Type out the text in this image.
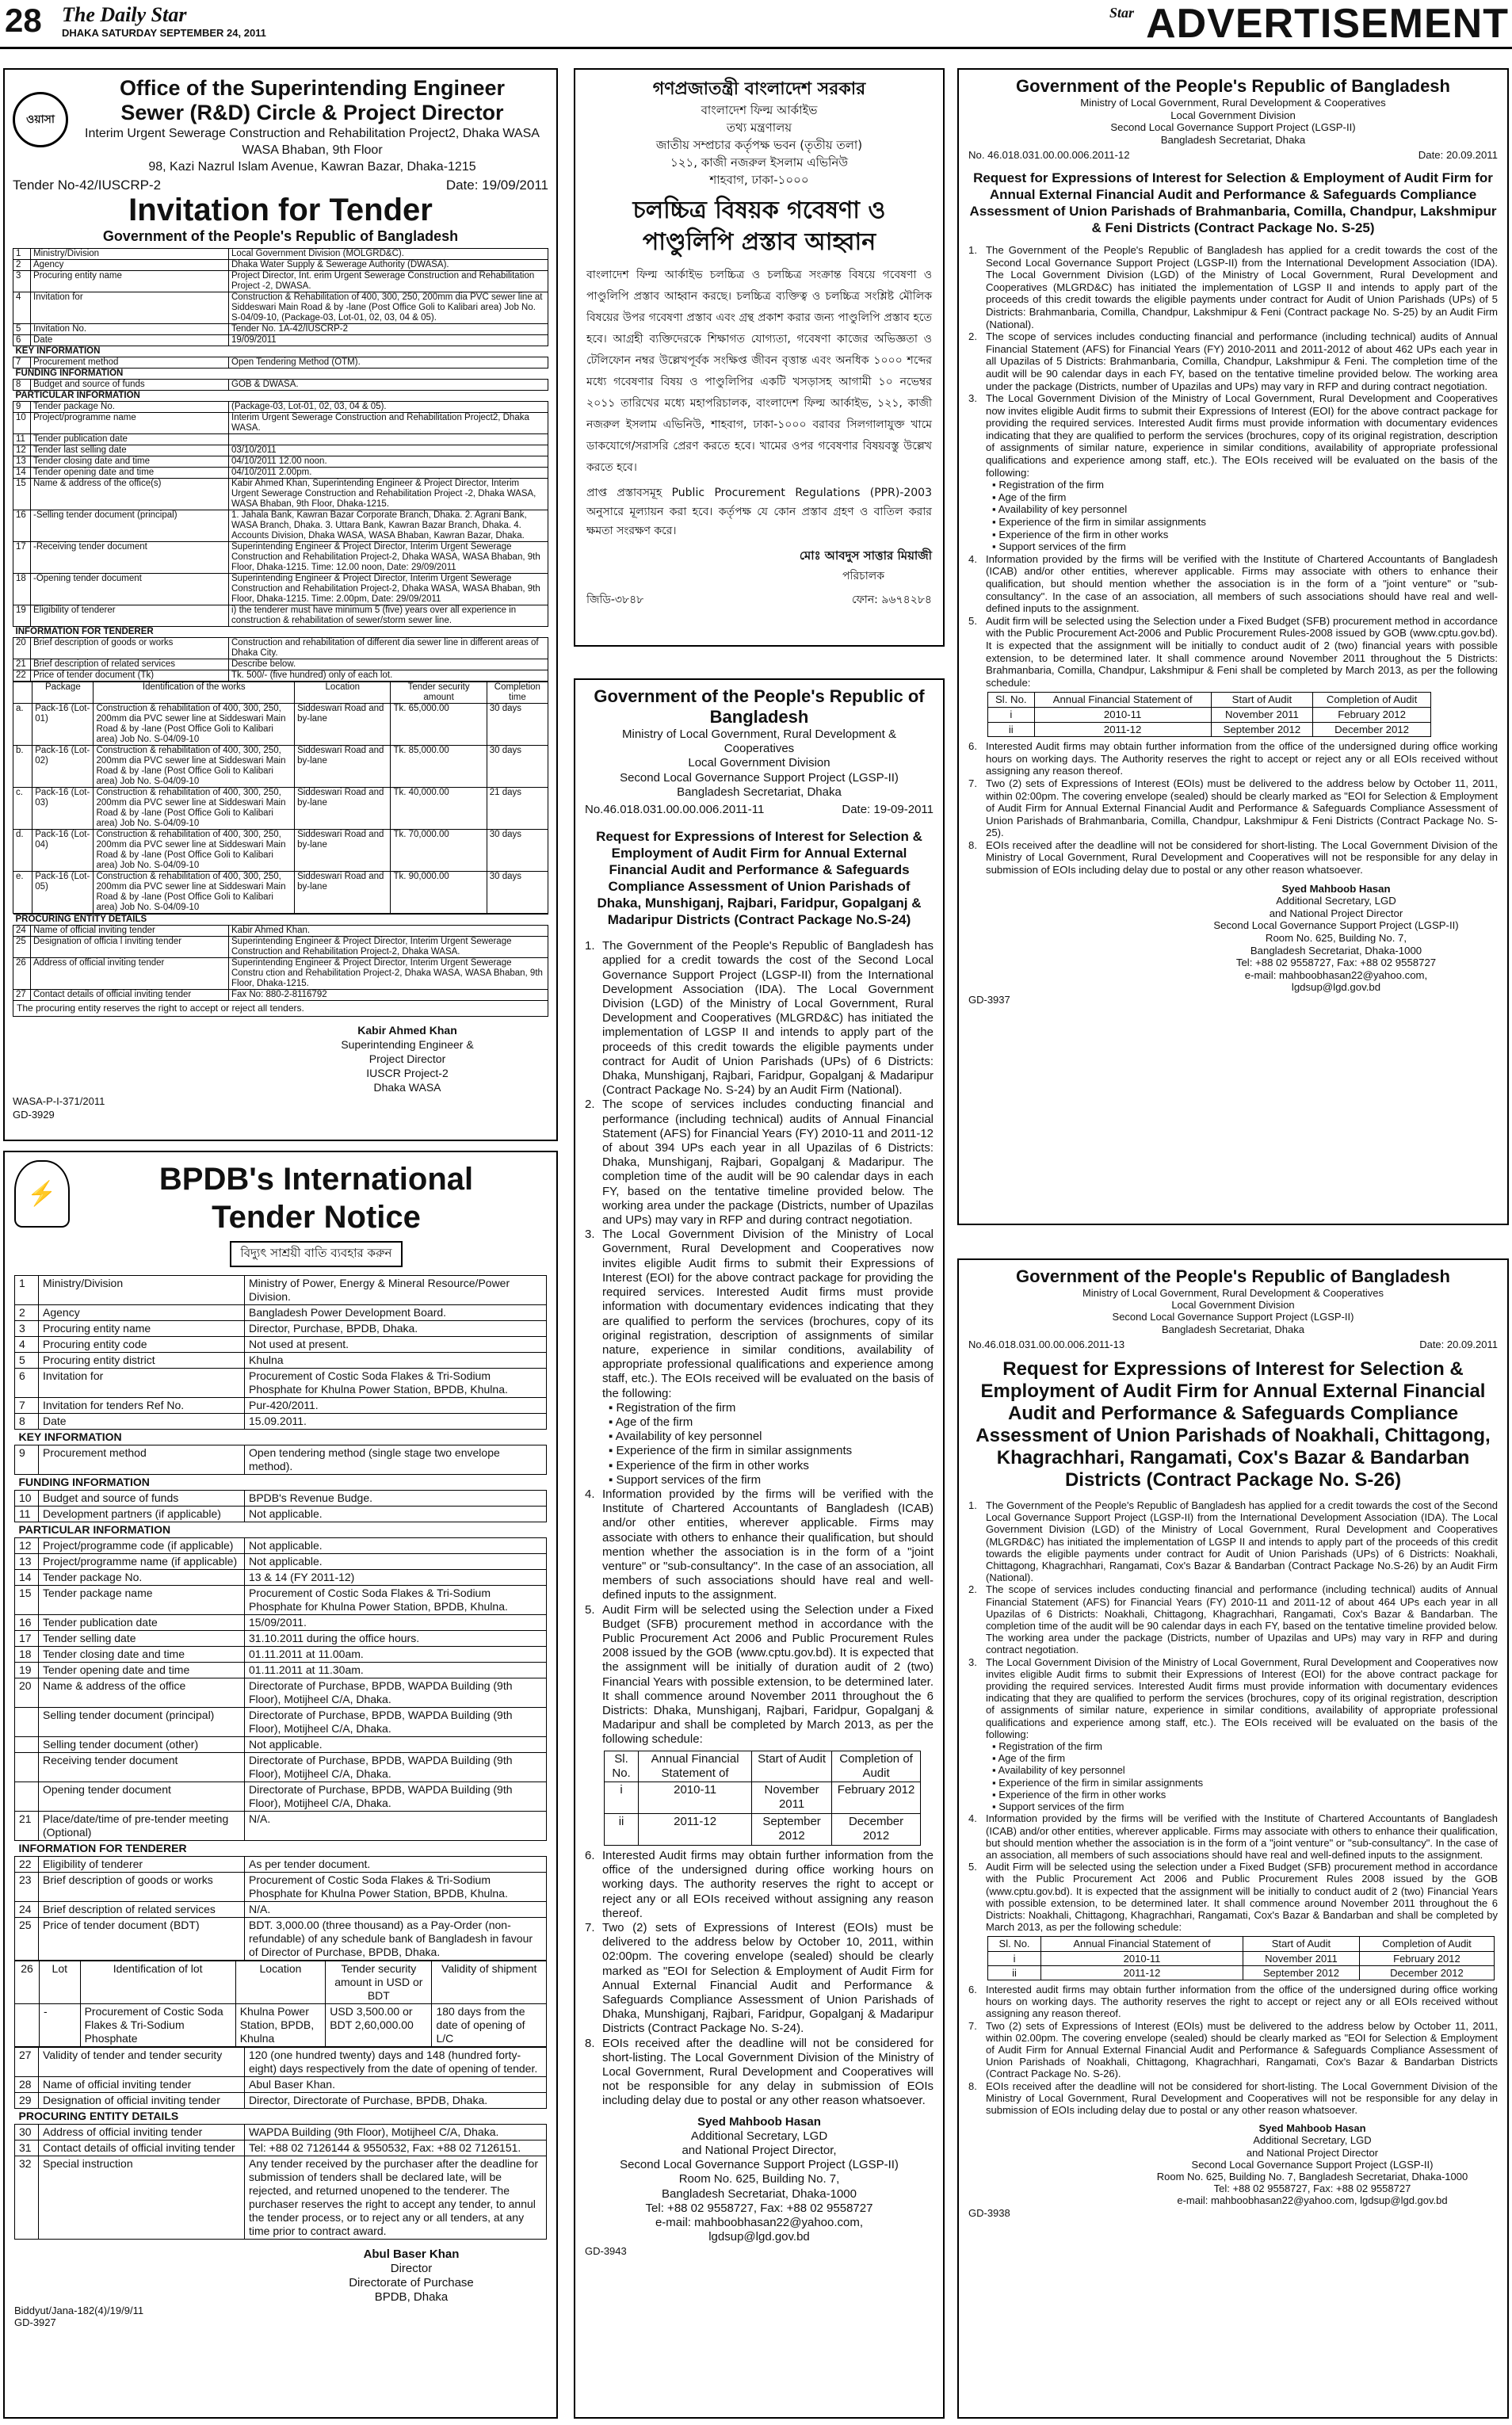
28 The Daily Star
DHAKA SATURDAY SEPTEMBER 24, 2011
Star ADVERTISEMENT
ওয়াসা
Office of the Superintending Engineer
Sewer (R&D) Circle & Project Director
Interim Urgent Sewerage Construction and Rehabilitation Project2, Dhaka WASA
WASA Bhaban, 9th Floor
98, Kazi Nazrul Islam Avenue, Kawran Bazar, Dhaka-1215
Tender No-42/IUSCRP-2	Date: 19/09/2011
Invitation for Tender
Government of the People's Republic of Bangladesh
1	Ministry/Division	Local Government Division (MOLGRD&C).
2	Agency	Dhaka Water Supply & Sewerage Authority (DWASA).
3	Procuring entity name	Project Director, Int. erim Urgent Sewerage Construction and Rehabilitation Project -2, DWASA.
4	Invitation for	Construction & Rehabilitation of 400, 300, 250, 200mm dia PVC sewer line at Siddeswari Main Road & by -lane (Post Office Goli to Kalibari area) Job No. S-04/09-10, (Package-03, Lot-01, 02, 03, 04 & 05).
5	Invitation No.	Tender No. 1A-42/IUSCRP-2
6	Date	19/09/2011
KEY INFORMATION		
7	Procurement method	Open Tendering Method (OTM).
FUNDING INFORMATION		
8	Budget and source of funds	GOB & DWASA.
PARTICULAR INFORMATION		
9	Tender package No.	(Package-03, Lot-01, 02, 03, 04 & 05).
10	Project/programme name	Interim Urgent Sewerage Construction and Rehabilitation Project2, Dhaka WASA.
11	Tender publication date	
12	Tender last selling date	03/10/2011
13	Tender closing date and time	04/10/2011 12.00 noon.
14	Tender opening date and time	04/10/2011 2.00pm.
15	Name & address of the office(s)	Kabir Ahmed Khan, Superintending Engineer & Project Director, Interim Urgent Sewerage Construction and Rehabilitation Project -2, Dhaka WASA, WASA Bhaban, 9th Floor, Dhaka-1215.
16	-Selling tender document (principal)	1. Jahala Bank, Kawran Bazar Corporate Branch, Dhaka. 2. Agrani Bank, WASA Branch, Dhaka. 3. Uttara Bank, Kawran Bazar Branch, Dhaka. 4. Accounts Division, Dhaka WASA, WASA Bhaban, Kawran Bazar, Dhaka.
17	-Receiving tender document	Superintending Engineer & Project Director, Interim Urgent Sewerage Construction and Rehabilitation Project-2, Dhaka WASA, WASA Bhaban, 9th Floor, Dhaka-1215. Time: 12.00 noon, Date: 29/09/2011
18	-Opening tender document	Superintending Engineer & Project Director, Interim Urgent Sewerage Construction and Rehabilitation Project-2, Dhaka WASA, WASA Bhaban, 9th Floor, Dhaka-1215. Time: 2.00pm, Date: 29/09/2011
19	Eligibility of tenderer	i) the tenderer must have minimum 5 (five) years over all experience in construction & rehabilitation of sewer/storm sewer line.
INFORMATION FOR TENDERER		
20	Brief description of goods or works	Construction and rehabilitation of different dia sewer line in different areas of Dhaka City.
21	Brief description of related services	Describe below.
22	Price of tender document (Tk)	Tk. 500/- (five hundred) only of each lot.
	Package	Identification of the works	Location	Tender security amount	Completion time
a.	Pack-16 (Lot-01)	Construction & rehabilitation of 400, 300, 250, 200mm dia PVC sewer line at Siddeswari Main Road & by -lane (Post Office Goli to Kalibari area) Job No. S-04/09-10	Siddeswari Road and by-lane	Tk. 65,000.00	30 days
b.	Pack-16 (Lot-02)	Construction & rehabilitation of 400, 300, 250, 200mm dia PVC sewer line at Siddeswari Main Road & by -lane (Post Office Goli to Kalibari area) Job No. S-04/09-10	Siddeswari Road and by-lane	Tk. 85,000.00	30 days
c.	Pack-16 (Lot-03)	Construction & rehabilitation of 400, 300, 250, 200mm dia PVC sewer line at Siddeswari Main Road & by -lane (Post Office Goli to Kalibari area) Job No. S-04/09-10	Siddeswari Road and by-lane	Tk. 40,000.00	21 days
d.	Pack-16 (Lot-04)	Construction & rehabilitation of 400, 300, 250, 200mm dia PVC sewer line at Siddeswari Main Road & by -lane (Post Office Goli to Kalibari area) Job No. S-04/09-10	Siddeswari Road and by-lane	Tk. 70,000.00	30 days
e.	Pack-16 (Lot-05)	Construction & rehabilitation of 400, 300, 250, 200mm dia PVC sewer line at Siddeswari Main Road & by -lane (Post Office Goli to Kalibari area) Job No. S-04/09-10	Siddeswari Road and by-lane	Tk. 90,000.00	30 days
PROCURING ENTITY DETAILS		
24	Name of official inviting tender	Kabir Ahmed Khan.
25	Designation of officia l inviting tender	Superintending Engineer & Project Director, Interim Urgent Sewerage Construction and Rehabilitation Project-2, Dhaka WASA.
26	Address of official inviting tender	Superintending Engineer & Project Director, Interim Urgent Sewerage Constru ction and Rehabilitation Project-2, Dhaka WASA, WASA Bhaban, 9th Floor, Dhaka-1215.
27	Contact details of official inviting tender	Fax No: 880-2-8116792
The procuring entity reserves the right to accept or reject all tenders.
Kabir Ahmed Khan
Superintending Engineer &
Project Director
IUSCR Project-2
Dhaka WASA
WASA-P-I-371/2011
GD-3929
গণপ্রজাতন্ত্রী বাংলাদেশ সরকার
বাংলাদেশ ফিল্ম আর্কাইভ
তথ্য মন্ত্রণালয়
জাতীয় সম্প্রচার কর্তৃপক্ষ ভবন (তৃতীয় তলা)
১২১, কাজী নজরুল ইসলাম এভিনিউ
শাহবাগ, ঢাকা-১০০০
চলচ্চিত্র বিষয়ক গবেষণা ও পাণ্ডুলিপি প্রস্তাব আহ্বান
বাংলাদেশ ফিল্ম আর্কাইভ চলচ্চিত্র ও চলচ্চিত্র সংক্রান্ত বিষয়ে গবেষণা ও পাণ্ডুলিপি প্রস্তাব আহ্বান করছে। চলচ্চিত্র ব্যক্তিত্ব ও চলচ্চিত্র সংশ্লিষ্ট মৌলিক বিষয়ের উপর গবেষণা প্রস্তাব এবং গ্রন্থ প্রকাশ করার জন্য পাণ্ডুলিপি প্রস্তাব হতে হবে। আগ্রহী ব্যক্তিদেরকে শিক্ষাগত যোগ্যতা, গবেষণা কাজের অভিজ্ঞতা ও টেলিফোন নম্বর উল্লেখপূর্বক সংক্ষিপ্ত জীবন বৃত্তান্ত এবং অনধিক ১০০০ শব্দের মধ্যে গবেষণার বিষয় ও পাণ্ডুলিপির একটি খসড়াসহ আগামী ১০ নভেম্বর ২০১১ তারিখের মধ্যে মহাপরিচালক, বাংলাদেশ ফিল্ম আর্কাইভ, ১২১, কাজী নজরুল ইসলাম এভিনিউ, শাহবাগ, ঢাকা-১০০০ বরাবর সিলগালাযুক্ত খামে ডাকযোগে/সরাসরি প্রেরণ করতে হবে। খামের ওপর গবেষণার বিষয়বস্তু উল্লেখ করতে হবে।
প্রাপ্ত প্রস্তাবসমূহ Public Procurement Regulations (PPR)-2003 অনুসারে মূল্যায়ন করা হবে। কর্তৃপক্ষ যে কোন প্রস্তাব গ্রহণ ও বাতিল করার ক্ষমতা সংরক্ষণ করে।
মোঃ আবদুস সাত্তার মিয়াজী
পরিচালক
জিডি-৩৮৪৮	ফোন: ৯৬৭৪২৮৪
Government of the People's Republic of Bangladesh
Ministry of Local Government, Rural Development &
Cooperatives
Local Government Division
Second Local Governance Support Project (LGSP-II)
Bangladesh Secretariat, Dhaka
No.46.018.031.00.00.006.2011-11	Date: 19-09-2011
Request for Expressions of Interest for Selection & Employment of Audit Firm for Annual External Financial Audit and Performance & Safeguards Compliance Assessment of Union Parishads of Dhaka, Munshiganj, Rajbari, Faridpur, Gopalganj & Madaripur Districts (Contract Package No.S-24)
1. The Government of the People's Republic of Bangladesh has applied for a credit towards the cost of the Second Local Governance Support Project (LGSP-II) from the International Development Association (IDA). The Local Government Division (LGD) of the Ministry of Local Government, Rural Development and Cooperatives (MLGRD&C) has initiated the implementation of LGSP II and intends to apply part of the proceeds of this credit towards the eligible payments under contract for Audit of Union Parishads (UPs) of 6 Districts: Dhaka, Munshiganj, Rajbari, Faridpur, Gopalganj & Madaripur (Contract Package No. S-24) by an Audit Firm (National).
2. The scope of services includes conducting financial and performance (including technical) audits of Annual Financial Statement (AFS) for Financial Years (FY) 2010-11 and 2011-12 of about 394 UPs each year in all Upazilas of 6 Districts: Dhaka, Munshiganj, Rajbari, Gopalganj & Madaripur. The completion time of the audit will be 90 calendar days in each FY, based on the tentative timeline provided below. The working area under the package (Districts, number of Upazilas and UPs) may vary in RFP and during contract negotiation.
3. The Local Government Division of the Ministry of Local Government, Rural Development and Cooperatives now invites eligible Audit firms to submit their Expressions of Interest (EOI) for the above contract package for providing the required services. Interested Audit firms must provide information with documentary evidences indicating that they are qualified to perform the services (brochures, copy of its original registration, description of assignments of similar nature, experience in similar conditions, availability of appropriate professional qualifications and experience among staff, etc.). The EOIs received will be evaluated on the basis of the following:
▪ Registration of the firm
▪ Age of the firm
▪ Availability of key personnel
▪ Experience of the firm in similar assignments
▪ Experience of the firm in other works
▪ Support services of the firm
4. Information provided by the firms will be verified with the Institute of Chartered Accountants of Bangladesh (ICAB) and/or other entities, wherever applicable. Firms may associate with others to enhance their qualification, but should mention whether the association is in the form of a "joint venture" or "sub-consultancy". In the case of an association, all members of such associations should have real and well-defined inputs to the assignment.
5. Audit Firm will be selected using the Selection under a Fixed Budget (SFB) procurement method in accordance with the Public Procurement Act 2006 and Public Procurement Rules 2008 issued by the GOB (www.cptu.gov.bd). It is expected that the assignment will be initially of duration audit of 2 (two) Financial Years with possible extension, to be determined later. It shall commence around November 2011 throughout the 6 Districts: Dhaka, Munshiganj, Rajbari, Faridpur, Gopalganj & Madaripur and shall be completed by March 2013, as per the following schedule:
Sl. No.	Annual Financial Statement of	Start of Audit	Completion of Audit
i	2010-11	November 2011	February 2012
ii	2011-12	September 2012	December 2012
6. Interested Audit firms may obtain further information from the office of the undersigned during office working hours on working days. The authority reserves the right to accept or reject any or all EOIs received without assigning any reason thereof.
7. Two (2) sets of Expressions of Interest (EOIs) must be delivered to the address below by October 10, 2011, within 02:00pm. The covering envelope (sealed) should be clearly marked as "EOI for Selection & Employment of Audit Firm for Annual External Financial Audit and Performance & Safeguards Compliance Assessment of Union Parishads of Dhaka, Munshiganj, Rajbari, Faridpur, Gopalganj & Madaripur Districts (Contract Package No. S-24).
8. EOIs received after the deadline will not be considered for short-listing. The Local Government Division of the Ministry of Local Government, Rural Development and Cooperatives will not be responsible for any delay in submission of EOIs including delay due to postal or any other reason whatsoever.
Syed Mahboob Hasan
Additional Secretary, LGD
and National Project Director,
Second Local Governance Support Project (LGSP-II)
Room No. 625, Building No. 7,
Bangladesh Secretariat, Dhaka-1000
Tel: +88 02 9558727, Fax: +88 02 9558727
e-mail: mahboobhasan22@yahoo.com,
lgdsup@lgd.gov.bd
GD-3943
⚡	BPDB's International
Tender Notice
বিদ্যুৎ সাশ্রয়ী বাতি ব্যবহার করুন
1	Ministry/Division	Ministry of Power, Energy & Mineral Resource/Power Division.
2	Agency	Bangladesh Power Development Board.
3	Procuring entity name	Director, Purchase, BPDB, Dhaka.
4	Procuring entity code	Not used at present.
5	Procuring entity district	Khulna
6	Invitation for	Procurement of Costic Soda Flakes & Tri-Sodium Phosphate for Khulna Power Station, BPDB, Khulna.
7	Invitation for tenders Ref No.	Pur-420/2011.
8	Date	15.09.2011.
KEY INFORMATION		
9	Procurement method	Open tendering method (single stage two envelope method).
FUNDING INFORMATION		
10	Budget and source of funds	BPDB's Revenue Budge.
11	Development partners (if applicable)	Not applicable.
PARTICULAR INFORMATION		
12	Project/programme code (if applicable)	Not applicable.
13	Project/programme name (if applicable)	Not applicable.
14	Tender package No.	13 & 14 (FY 2011-12)
15	Tender package name	Procurement of Costic Soda Flakes & Tri-Sodium Phosphate for Khulna Power Station, BPDB, Khulna.
16	Tender publication date	15/09/2011.
17	Tender selling date	31.10.2011 during the office hours.
18	Tender closing date and time	01.11.2011 at 11.00am.
19	Tender opening date and time	01.11.2011 at 11.30am.
20	Name & address of the office	Directorate of Purchase, BPDB, WAPDA Building (9th Floor), Motijheel C/A, Dhaka.
	Selling tender document (principal)	Directorate of Purchase, BPDB, WAPDA Building (9th Floor), Motijheel C/A, Dhaka.
	Selling tender document (other)	Not applicable.
	Receiving tender document	Directorate of Purchase, BPDB, WAPDA Building (9th Floor), Motijheel C/A, Dhaka.
	Opening tender document	Directorate of Purchase, BPDB, WAPDA Building (9th Floor), Motijheel C/A, Dhaka.
21	Place/date/time of pre-tender meeting (Optional)	N/A.
INFORMATION FOR TENDERER		
22	Eligibility of tenderer	As per tender document.
23	Brief description of goods or works	Procurement of Costic Soda Flakes & Tri-Sodium Phosphate for Khulna Power Station, BPDB, Khulna.
24	Brief description of related services	N/A.
25	Price of tender document (BDT)	BDT. 3,000.00 (three thousand) as a Pay-Order (non-refundable) of any schedule bank of Bangladesh in favour of Director of Purchase, BPDB, Dhaka.
26	Lot	Identification of lot	Location	Tender security amount in USD or BDT	Validity of shipment
	-	Procurement of Costic Soda Flakes & Tri-Sodium Phosphate	Khulna Power Station, BPDB, Khulna	USD 3,500.00 or BDT 2,60,000.00	180 days from the date of opening of L/C
27	Validity of tender and tender security	120 (one hundred twenty) days and 148 (hundred forty-eight) days respectively from the date of opening of tender.
28	Name of official inviting tender	Abul Baser Khan.
29	Designation of official inviting tender	Director, Directorate of Purchase, BPDB, Dhaka.
PROCURING ENTITY DETAILS		
30	Address of official inviting tender	WAPDA Building (9th Floor), Motijheel C/A, Dhaka.
31	Contact details of official inviting tender	Tel: +88 02 7126144 & 9550532, Fax: +88 02 7126151.
32	Special instruction	Any tender received by the purchaser after the deadline for submission of tenders shall be declared late, will be rejected, and returned unopened to the tenderer. The purchaser reserves the right to accept any tender, to annul the tender process, or to reject any or all tenders, at any time prior to contract award.
Abul Baser Khan
Director
Directorate of Purchase
BPDB, Dhaka
Biddyut/Jana-182(4)/19/9/11
GD-3927
Government of the People's Republic of Bangladesh
Ministry of Local Government, Rural Development & Cooperatives
Local Government Division
Second Local Governance Support Project (LGSP-II)
Bangladesh Secretariat, Dhaka
No. 46.018.031.00.00.006.2011-12	Date: 20.09.2011
Request for Expressions of Interest for Selection & Employment of Audit Firm for Annual External Financial Audit and Performance & Safeguards Compliance Assessment of Union Parishads of Brahmanbaria, Comilla, Chandpur, Lakshmipur & Feni Districts (Contract Package No. S-25)
1. The Government of the People's Republic of Bangladesh has applied for a credit towards the cost of the Second Local Governance Support Project (LGSP-II) from the International Development Association (IDA). The Local Government Division (LGD) of the Ministry of Local Government, Rural Development and Cooperatives (MLGRD&C) has initiated the implementation of LGSP II and intends to apply part of the proceeds of this credit towards the eligible payments under contract for Audit of Union Parishads (UPs) of 5 Districts: Brahmanbaria, Comilla, Chandpur, Lakshmipur & Feni (Contract package No. S-25) by an Audit Firm (National).
2. The scope of services includes conducting financial and performance (including technical) audits of Annual Financial Statement (AFS) for Financial Years (FY) 2010-2011 and 2011-2012 of about 462 UPs each year in all Upazilas of 5 Districts: Brahmanbaria, Comilla, Chandpur, Lakshmipur & Feni. The completion time of the audit will be 90 calendar days in each FY, based on the tentative timeline provided below. The working area under the package (Districts, number of Upazilas and UPs) may vary in RFP and during contract negotiation.
3. The Local Government Division of the Ministry of Local Government, Rural Development and Cooperatives now invites eligible Audit firms to submit their Expressions of Interest (EOI) for the above contract package for providing the required services. Interested Audit firms must provide information with documentary evidences indicating that they are qualified to perform the services (brochures, copy of its original registration, description of assignments of similar nature, experience in similar conditions, availability of appropriate professional qualifications and experience among staff, etc.). The EOIs received will be evaluated on the basis of the following:
▪ Registration of the firm
▪ Age of the firm
▪ Availability of key personnel
▪ Experience of the firm in similar assignments
▪ Experience of the firm in other works
▪ Support services of the firm
4. Information provided by the firms will be verified with the Institute of Chartered Accountants of Bangladesh (ICAB) and/or other entities, wherever applicable. Firms may associate with others to enhance their qualification, but should mention whether the association is in the form of a "joint venture" or "sub-consultancy". In the case of an association, all members of such associations should have real and well-defined inputs to the assignment.
5. Audit firm will be selected using the Selection under a Fixed Budget (SFB) procurement method in accordance with the Public Procurement Act-2006 and Public Procurement Rules-2008 issued by GOB (www.cptu.gov.bd). It is expected that the assignment will be initially to conduct audit of 2 (two) financial years with possible extension, to be determined later. It shall commence around November 2011 throughout the 5 Districts: Brahmanbaria, Comilla, Chandpur, Lakshmipur & Feni shall be completed by March 2013, as per the following schedule:
Sl. No.	Annual Financial Statement of	Start of Audit	Completion of Audit
i	2010-11	November 2011	February 2012
ii	2011-12	September 2012	December 2012
6. Interested Audit firms may obtain further information from the office of the undersigned during office working hours on working days. The Authority reserves the right to accept or reject any or all EOIs received without assigning any reason thereof.
7. Two (2) sets of Expressions of Interest (EOIs) must be delivered to the address below by October 11, 2011, within 02:00pm. The covering envelope (sealed) should be clearly marked as "EOI for Selection & Employment of Audit Firm for Annual External Financial Audit and Performance & Safeguards Compliance Assessment of Union Parishads of Brahmanbaria, Comilla, Chandpur, Lakshmipur & Feni Districts (Contract Package No. S-25).
8. EOIs received after the deadline will not be considered for short-listing. The Local Government Division of the Ministry of Local Government, Rural Development and Cooperatives will not be responsible for any delay in submission of EOIs including delay due to postal or any other reason whatsoever.
Syed Mahboob Hasan
Additional Secretary, LGD
and National Project Director
Second Local Governance Support Project (LGSP-II)
Room No. 625, Building No. 7,
Bangladesh Secretariat, Dhaka-1000
Tel: +88 02 9558727, Fax: +88 02 9558727
e-mail: mahboobhasan22@yahoo.com,
lgdsup@lgd.gov.bd
GD-3937
Government of the People's Republic of Bangladesh
Ministry of Local Government, Rural Development & Cooperatives
Local Government Division
Second Local Governance Support Project (LGSP-II)
Bangladesh Secretariat, Dhaka
No.46.018.031.00.00.006.2011-13	Date: 20.09.2011
Request for Expressions of Interest for Selection & Employment of Audit Firm for Annual External Financial Audit and Performance & Safeguards Compliance Assessment of Union Parishads of Noakhali, Chittagong, Khagrachhari, Rangamati, Cox's Bazar & Bandarban Districts (Contract Package No. S-26)
1. The Government of the People's Republic of Bangladesh has applied for a credit towards the cost of the Second Local Governance Support Project (LGSP-II) from the International Development Association (IDA). The Local Government Division (LGD) of the Ministry of Local Government, Rural Development and Cooperatives (MLGRD&C) has initiated the implementation of LGSP II and intends to apply part of the proceeds of this credit towards the eligible payments under contract for Audit of Union Parishads (UPs) of 6 Districts: Noakhali, Chittagong, Khagrachhari, Rangamati, Cox's Bazar & Bandarban (Contract Package No.S-26) by an Audit Firm (National).
2. The scope of services includes conducting financial and performance (including technical) audits of Annual Financial Statement (AFS) for Financial Years (FY) 2010-11 and 2011-12 of about 464 UPs each year in all Upazilas of 6 Districts: Noakhali, Chittagong, Khagrachhari, Rangamati, Cox's Bazar & Bandarban. The completion time of the audit will be 90 calendar days in each FY, based on the tentative timeline provided below. The working area under the package (Districts, number of Upazilas and UPs) may vary in RFP and during contract negotiation.
3. The Local Government Division of the Ministry of Local Government, Rural Development and Cooperatives now invites eligible Audit firms to submit their Expressions of Interest (EOI) for the above contract package for providing the required services. Interested Audit firms must provide information with documentary evidences indicating that they are qualified to perform the services (brochures, copy of its original registration, description of assignments of similar nature, experience in similar conditions, availability of appropriate professional qualifications and experience among staff, etc.). The EOIs received will be evaluated on the basis of the following:
▪ Registration of the firm
▪ Age of the firm
▪ Availability of key personnel
▪ Experience of the firm in similar assignments
▪ Experience of the firm in other works
▪ Support services of the firm
4. Information provided by the firms will be verified with the Institute of Chartered Accountants of Bangladesh (ICAB) and/or other entities, wherever applicable. Firms may associate with others to enhance their qualification, but should mention whether the association is in the form of a "joint venture" or "sub-consultancy". In the case of an association, all members of such associations should have real and well-defined inputs to the assignment.
5. Audit Firm will be selected using the selection under a Fixed Budget (SFB) procurement method in accordance with the Public Procurement Act 2006 and Public Procurement Rules 2008 issued by the GOB (www.cptu.gov.bd). It is expected that the assignment will be initially to conduct audit of 2 (two) Financial Years with possible extension, to be determined later. It shall commence around November 2011 throughout the 6 Districts: Noakhali, Chittagong, Khagrachhari, Rangamati, Cox's Bazar & Bandarban and shall be completed by March 2013, as per the following schedule:
Sl. No.	Annual Financial Statement of	Start of Audit	Completion of Audit
i	2010-11	November 2011	February 2012
ii	2011-12	September 2012	December 2012
6. Interested audit firms may obtain further information from the office of the undersigned during office working hours on working days. The authority reserves the right to accept or reject any or all EOIs received without assigning any reason thereof.
7. Two (2) sets of Expressions of Interest (EOIs) must be delivered to the address below by October 11, 2011, within 02.00pm. The covering envelope (sealed) should be clearly marked as "EOI for Selection & Employment of Audit Firm for Annual External Financial Audit and Performance & Safeguards Compliance Assessment of Union Parishads of Noakhali, Chittagong, Khagrachhari, Rangamati, Cox's Bazar & Bandarban Districts (Contract Package No. S-26).
8. EOIs received after the deadline will not be considered for short-listing. The Local Government Division of the Ministry of Local Government, Rural Development and Cooperatives will not be responsible for any delay in submission of EOIs including delay due to postal or any other reason whatsoever.
Syed Mahboob Hasan
Additional Secretary, LGD
and National Project Director
Second Local Governance Support Project (LGSP-II)
Room No. 625, Building No. 7, Bangladesh Secretariat, Dhaka-1000
Tel: +88 02 9558727, Fax: +88 02 9558727
e-mail: mahboobhasan22@yahoo.com, lgdsup@lgd.gov.bd
GD-3938
